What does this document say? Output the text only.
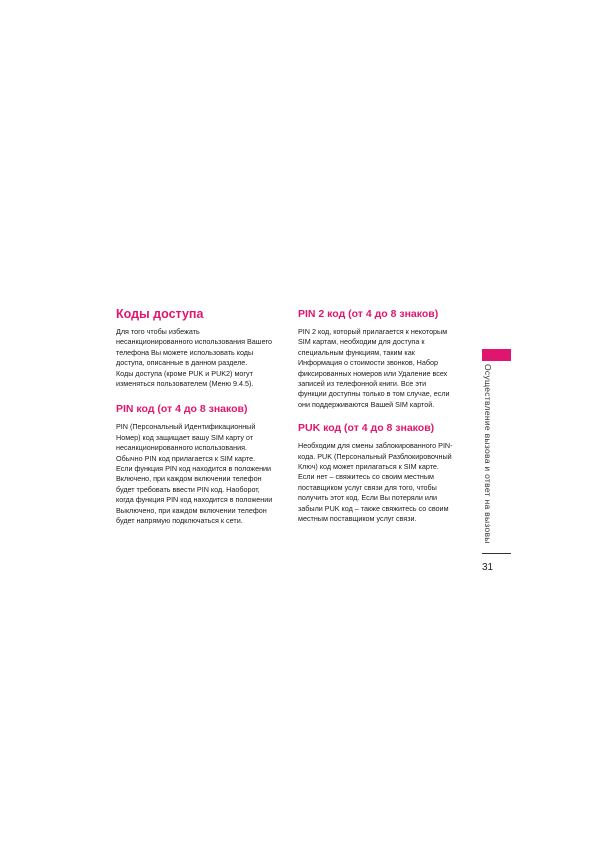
Коды доступа
Для того чтобы избежать
несанкционированного использования Вашего
телефона Вы можете использовать коды
доступа, описанные в данном разделе.
Коды доступа (кроме PUK и PUK2) могут
изменяться пользователем (Меню 9.4.5).
PIN код (от 4 до 8 знаков)
PIN (Персональный Идентификационный
Номер) код защищает вашу SIM карту от
несанкционированного использования.
Обычно PIN код прилагается к SIM карте.
Если функция PIN код находится в положении
Включено, при каждом включении телефон
будет требовать ввести PIN код. Наоборот,
когда функция PIN код находится в положении
Выключено, при каждом включении телефон
будет напрямую подключаться к сети.
PIN 2 код (от 4 до 8 знаков)
PIN 2 код, который прилагается к некоторым
SIM картам, необходим для доступа к
специальным функциям, таким как
Информация о стоимости звонков, Набор
фиксированных номеров или Удаление всех
записей из телефонной книги. Все эти
функции доступны только в том случае, если
они поддерживаются Вашей SIM картой.
PUK код (от 4 до 8 знаков)
Необходим для смены заблокированного PIN-
кода. PUK (Персональный Разблокировочный
Ключ) код может прилагаться к SIM карте.
Если нет – свяжитесь со своим местным
поставщиком услуг связи для того, чтобы
получить этот код. Если Вы потеряли или
забыли PUK код – также свяжитесь со своим
местным поставщиком услуг связи.	Осуществление вызова и ответ на вызовы
31
